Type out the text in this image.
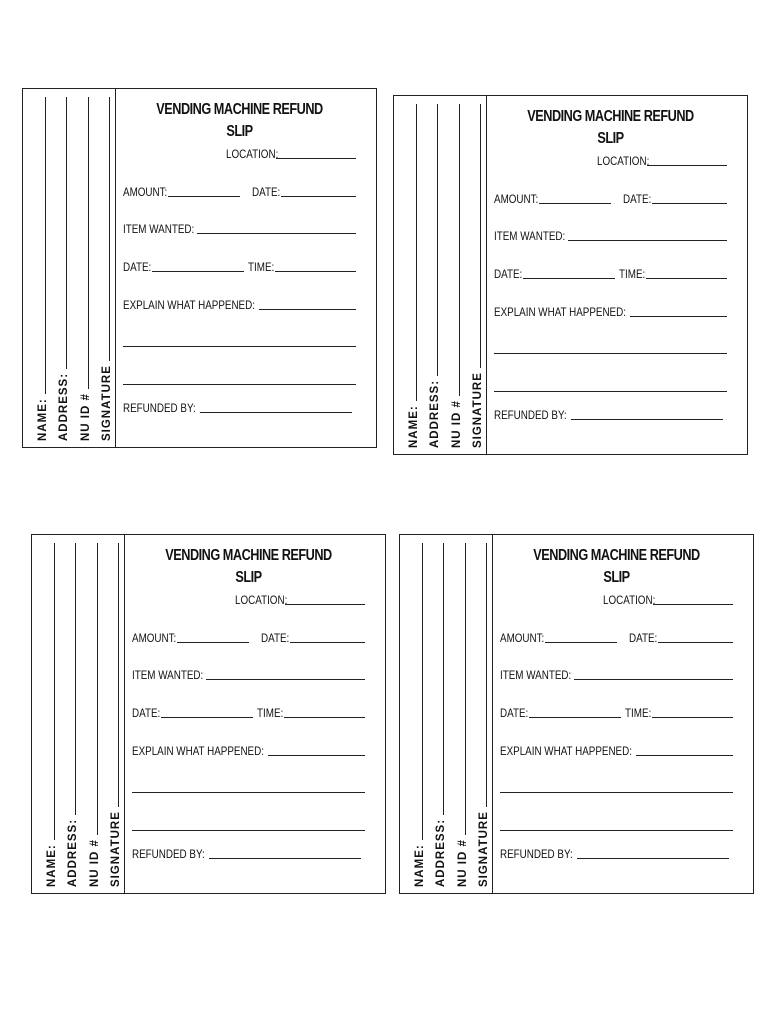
NAME: ADDRESS: NU ID # SIGNATURE
VENDING MACHINE REFUND SLIP
LOCATION:
AMOUNT:	DATE:
ITEM WANTED:
DATE:	TIME:
EXPLAIN WHAT HAPPENED:
REFUNDED BY:	NAME: ADDRESS: NU ID # SIGNATURE
VENDING MACHINE REFUND SLIP
LOCATION:
AMOUNT:	DATE:
ITEM WANTED:
DATE:	TIME:
EXPLAIN WHAT HAPPENED:
REFUNDED BY:
NAME: ADDRESS: NU ID # SIGNATURE
VENDING MACHINE REFUND SLIP
LOCATION:
AMOUNT:	DATE:
ITEM WANTED:
DATE:	TIME:
EXPLAIN WHAT HAPPENED:
REFUNDED BY:	NAME: ADDRESS: NU ID # SIGNATURE
VENDING MACHINE REFUND SLIP
LOCATION:
AMOUNT:	DATE:
ITEM WANTED:
DATE:	TIME:
EXPLAIN WHAT HAPPENED:
REFUNDED BY:
